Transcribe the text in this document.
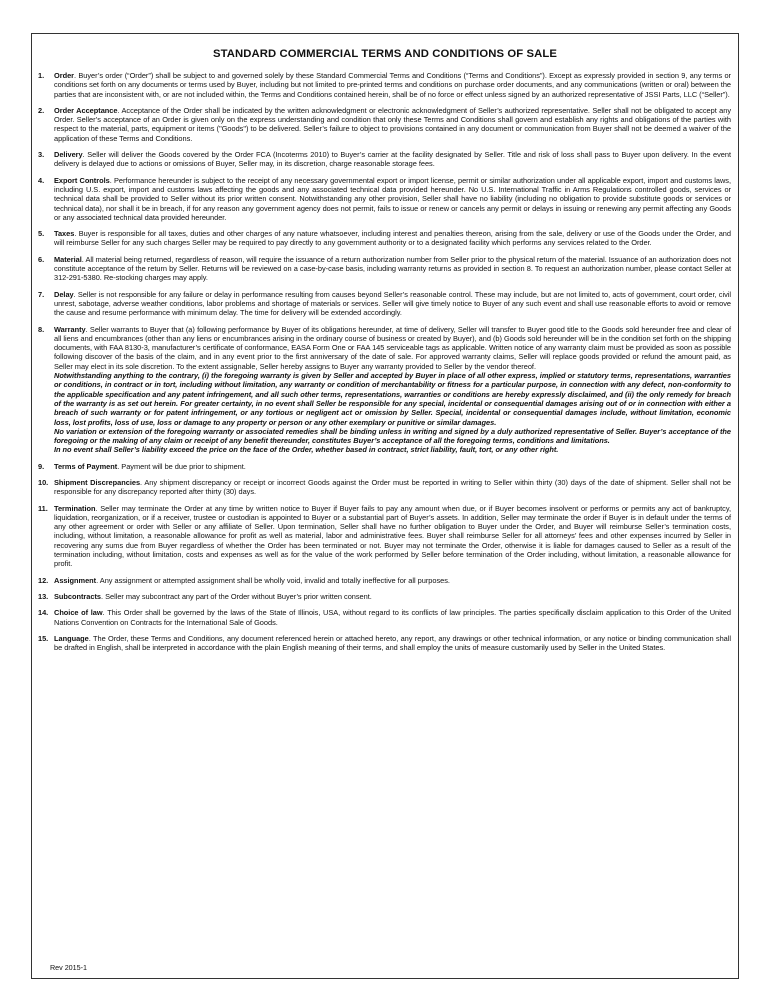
STANDARD COMMERCIAL TERMS AND CONDITIONS OF SALE
1. Order. Buyer’s order (“Order”) shall be subject to and governed solely by these Standard Commercial Terms and Conditions (“Terms and Conditions”). Except as expressly provided in section 9, any terms or conditions set forth on any documents or terms used by Buyer, including but not limited to pre-printed terms and conditions on purchase order documents, and any communications (written or oral) between the parties that are inconsistent with, or are not included within, the Terms and Conditions contained herein, shall be of no force or effect unless signed by an authorized representative of JSSI Parts, LLC (“Seller”).

2. Order Acceptance. Acceptance of the Order shall be indicated by the written acknowledgment or electronic acknowledgment of Seller’s authorized representative. Seller shall not be obligated to accept any Order. Seller’s acceptance of an Order is given only on the express understanding and condition that only these Terms and Conditions shall govern and establish any rights and obligations of the parties with respect to the material, parts, equipment or items ("Goods") to be delivered. Seller’s failure to object to provisions contained in any document or communication from Buyer shall not be deemed a waiver of the application of these Terms and Conditions.

3. Delivery. Seller will deliver the Goods covered by the Order FCA (Incoterms 2010) to Buyer’s carrier at the facility designated by Seller. Title and risk of loss shall pass to Buyer upon delivery. In the event delivery is delayed due to actions or omissions of Buyer, Seller may, in its discretion, charge reasonable storage fees.

4. Export Controls. Performance hereunder is subject to the receipt of any necessary governmental export or import license, permit or similar authorization under all applicable export, import and customs laws, including U.S. export, import and customs laws affecting the goods and any associated technical data provided hereunder. No U.S. International Traffic in Arms Regulations controlled goods, services or technical data shall be provided to Seller without its prior written consent. Notwithstanding any other provision, Seller shall have no liability (including no obligation to provide substitute goods or services or technical data), nor shall it be in breach, if for any reason any government agency does not permit, fails to issue or renew or cancels any permit or delays in issuing or renewing any permit affecting any Goods or any associated technical data provided hereunder.

5. Taxes. Buyer is responsible for all taxes, duties and other charges of any nature whatsoever, including interest and penalties thereon, arising from the sale, delivery or use of the Goods under the Order, and will reimburse Seller for any such charges Seller may be required to pay directly to any government authority or to a designated facility which performs any services related to the Order.

6. Material. All material being returned, regardless of reason, will require the issuance of a return authorization number from Seller prior to the physical return of the material. Issuance of an authorization does not constitute acceptance of the return by Seller. Returns will be reviewed on a case-by-case basis, including warranty returns as provided in section 8. To request an authorization number, please contact Seller at 312-291-5380. Re-stocking charges may apply.

7. Delay. Seller is not responsible for any failure or delay in performance resulting from causes beyond Seller’s reasonable control. These may include, but are not limited to, acts of government, court order, civil unrest, sabotage, adverse weather conditions, labor problems and shortage of materials or services. Seller will give timely notice to Buyer of any such event and shall use reasonable efforts to avoid or remove the cause and resume performance with minimum delay. The time for delivery will be extended accordingly.

8. Warranty. Seller warrants to Buyer that (a) following performance by Buyer of its obligations hereunder, at time of delivery, Seller will transfer to Buyer good title to the Goods sold hereunder free and clear of all liens and encumbrances (other than any liens or encumbrances arising in the ordinary course of business or created by Buyer), and (b) Goods sold hereunder will be in the condition set forth on the shipping documents, with FAA 8130-3, manufacturer’s certificate of conformance, EASA Form One or FAA 145 serviceable tags as applicable. Written notice of any warranty claim must be provided as soon as possible following discover of the basis of the claim, and in any event prior to the first anniversary of the date of sale. For approved warranty claims, Seller will replace goods provided or refund the amount paid, as Seller may elect in its sole discretion. To the extent assignable, Seller hereby assigns to Buyer any warranty provided to Seller by the vendor thereof.

Notwithstanding anything to the contrary, (i) the foregoing warranty is given by Seller and accepted by Buyer in place of all other express, implied or statutory terms, representations, warranties or conditions, in contract or in tort, including without limitation, any warranty or condition of merchantability or fitness for a particular purpose, in connection with any defect, non-conformity to the applicable specification and any patent infringement, and all such other terms, representations, warranties or conditions are hereby expressly disclaimed, and (ii) the only remedy for breach of the warranty is as set out herein. For greater certainty, in no event shall Seller be responsible for any special, incidental or consequential damages arising out of or in connection with either a breach of such warranty or for patent infringement, or any tortious or negligent act or omission by Seller. Special, incidental or consequential damages include, without limitation, economic loss, lost profits, loss of use, loss or damage to any property or person or any other exemplary or punitive or similar damages.

No variation or extension of the foregoing warranty or associated remedies shall be binding unless in writing and signed by a duly authorized representative of Seller. Buyer’s acceptance of the foregoing or the making of any claim or receipt of any benefit thereunder, constitutes Buyer’s acceptance of all the foregoing terms, conditions and limitations.

In no event shall Seller’s liability exceed the price on the face of the Order, whether based in contract, strict liability, fault, tort, or any other right.

9. Terms of Payment. Payment will be due prior to shipment.

10. Shipment Discrepancies. Any shipment discrepancy or receipt or incorrect Goods against the Order must be reported in writing to Seller within thirty (30) days of the date of shipment. Seller shall not be responsible for any discrepancy reported after thirty (30) days.

11. Termination. Seller may terminate the Order at any time by written notice to Buyer if Buyer fails to pay any amount when due, or if Buyer becomes insolvent or performs or permits any act of bankruptcy, liquidation, reorganization, or if a receiver, trustee or custodian is appointed to Buyer or a substantial part of Buyer’s assets. In addition, Seller may terminate the order if Buyer is in default under the terms of any other agreement or order with Seller or any affiliate of Seller. Upon termination, Seller shall have no further obligation to Buyer under the Order, and Buyer will reimburse Seller’s termination costs, including, without limitation, a reasonable allowance for profit as well as material, labor and administrative fees. Buyer shall reimburse Seller for all attorneys’ fees and other expenses incurred by Seller in recovering any sums due from Buyer regardless of whether the Order has been terminated or not. Buyer may not terminate the Order, otherwise it is liable for damages caused to Seller as a result of the termination including, without limitation, costs and expenses as well as for the value of the work performed by Seller before termination of the Order including, without limitation, a reasonable allowance for profit.

12. Assignment. Any assignment or attempted assignment shall be wholly void, invalid and totally ineffective for all purposes.

13. Subcontracts. Seller may subcontract any part of the Order without Buyer’s prior written consent.

14. Choice of law. This Order shall be governed by the laws of the State of Illinois, USA, without regard to its conflicts of law principles. The parties specifically disclaim application to this Order of the United Nations Convention on Contracts for the International Sale of Goods.

15. Language. The Order, these Terms and Conditions, any document referenced herein or attached hereto, any report, any drawings or other technical information, or any notice or binding communication shall be drafted in English, shall be interpreted in accordance with the plain English meaning of their terms, and shall employ the units of measure customarily used by Seller in the United States.

Rev 2015-1
